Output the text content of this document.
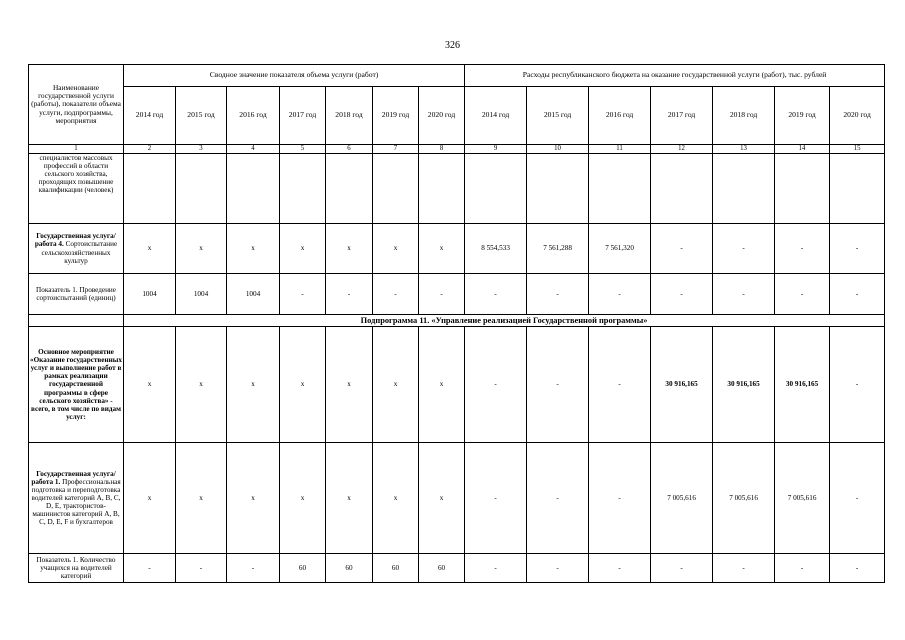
326
Наименование государственной услуги (работы), показатели объема услуги, подпрограммы, мероприятия	Сводное значение показателя объема услуги (работ)							Расходы республиканского бюджета на оказание государственной услуги (работ), тыс. рублей						
	2014 год	2015 год	2016 год	2017 год	2018 год	2019 год	2020 год	2014 год	2015 год	2016 год	2017 год	2018 год	2019 год	2020 год
1	2	3	4	5	6	7	8	9	10	11	12	13	14	15
специалистов массовых профессий в области сельского хозяйства, проходящих повышение квалификации (человек)														
Государственная услуга/работа 4. Сортоиспытание сельскохозяйственных культур	x	x	x	x	x	x	x	8 554,533	7 561,288	7 561,320	-	-	-	-
Показатель 1. Проведение сортоиспытаний (единиц)	1004	1004	1004	-	-	-	-	-	-	-	-	-	-	-
	Подпрограмма 11. «Управление реализацией Государственной программы»													
Основное мероприятие «Оказание государственных услуг и выполнение работ в рамках реализации государственной программы в сфере сельского хозяйства» - всего, в том числе по видам услуг:	x	x	x	x	x	x	x	-	-	-	30 916,165	30 916,165	30 916,165	-
Государственная услуга/работа 1. Профессиональная подготовка и переподготовка водителей категорий А, В, С, D, Е, трактористов-машинистов категорий А, В, С, D, Е, F и бухгалтеров	x	x	x	x	x	x	x	-	-	-	7 005,616	7 005,616	7 005,616	-
Показатель 1. Количество учащихся на водителей категорий	-	-	-	60	60	60	60	-	-	-	-	-	-	-
